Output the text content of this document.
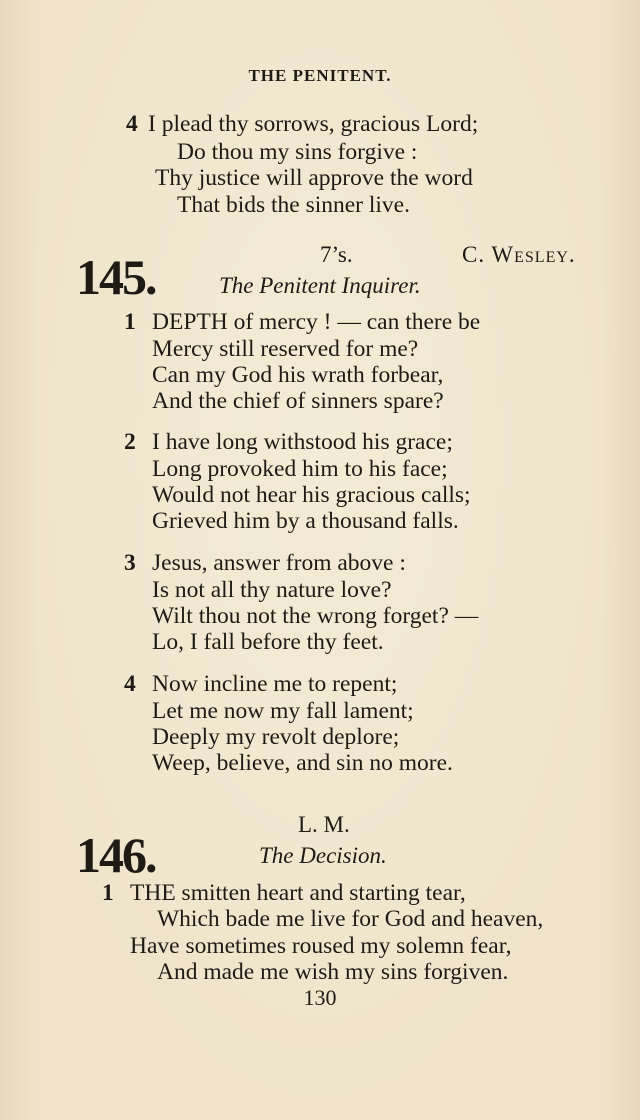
THE PENITENT.
4 I plead thy sorrows, gracious Lord;
Do thou my sins forgive :
Thy justice will approve the word
That bids the sinner live.
145.	7’s.	C. Wesley.
The Penitent Inquirer.
1 DEPTH of mercy ! — can there be
Mercy still reserved for me?
Can my God his wrath forbear,
And the chief of sinners spare?
2 I have long withstood his grace;
Long provoked him to his face;
Would not hear his gracious calls;
Grieved him by a thousand falls.
3 Jesus, answer from above :
Is not all thy nature love?
Wilt thou not the wrong forget? —
Lo, I fall before thy feet.
4 Now incline me to repent;
Let me now my fall lament;
Deeply my revolt deplore;
Weep, believe, and sin no more.
146.
L. M.
The Decision.
1 THE smitten heart and starting tear,
Which bade me live for God and heaven,
Have sometimes roused my solemn fear,
And made me wish my sins forgiven.
130
